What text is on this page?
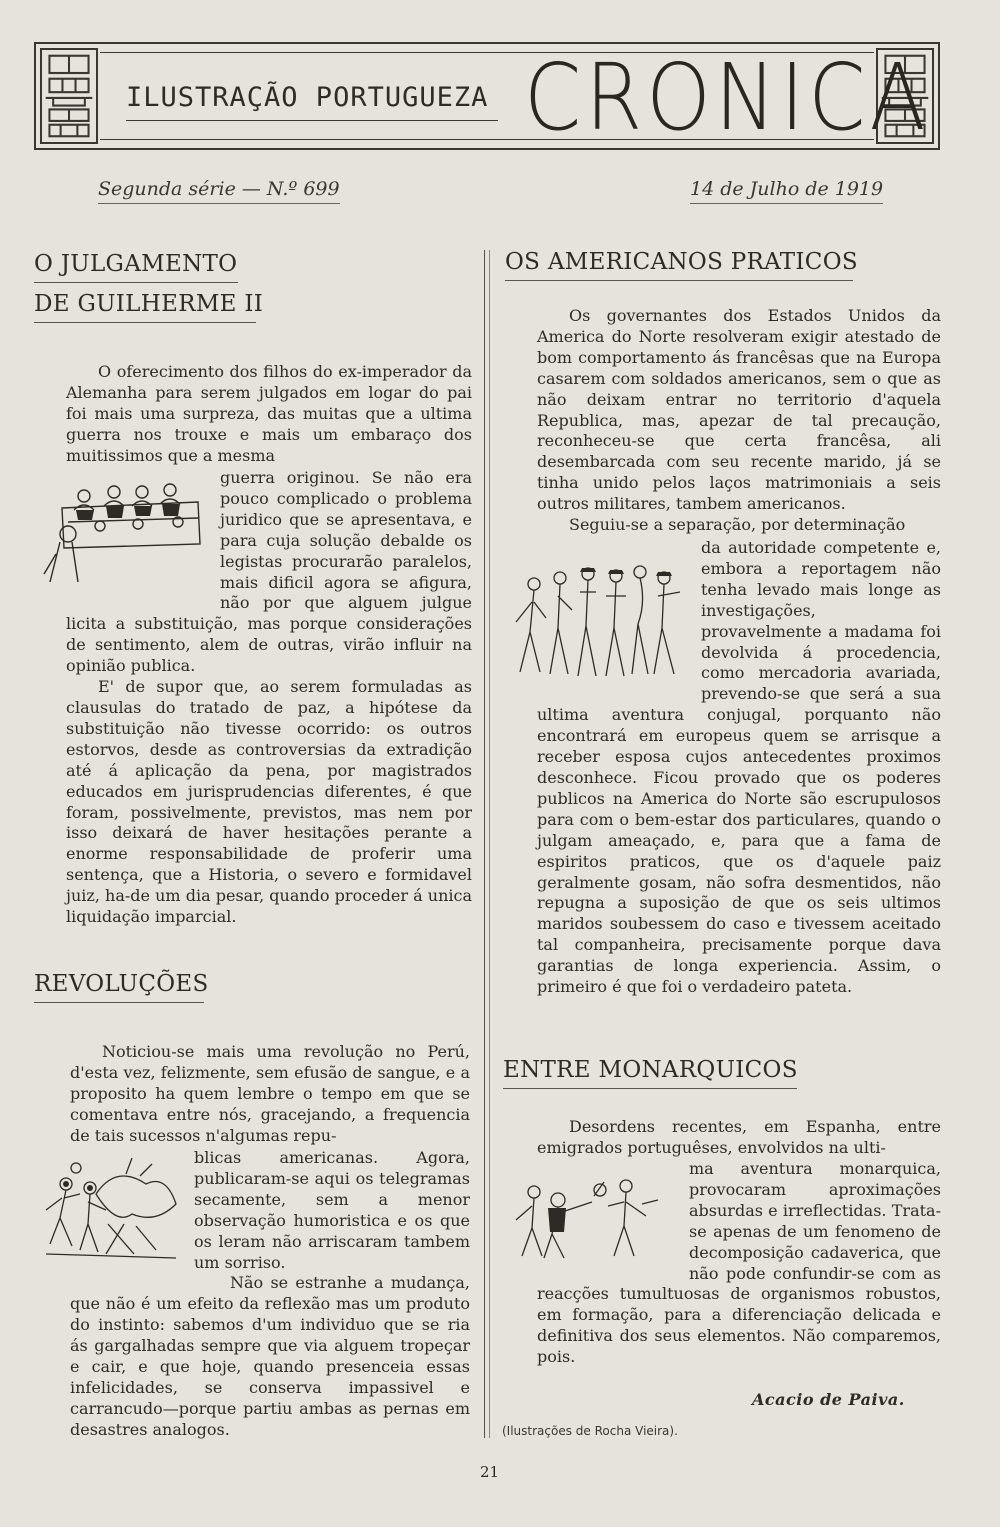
ILUSTRAÇÃO PORTUGUEZA CRONICA
Segunda série — N.º 699	14 de Julho de 1919
O JULGAMENTO
DE GUILHERME II

O oferecimento dos filhos do ex-imperador da Alemanha para serem julgados em logar do pai foi mais uma surpreza, das muitas que a ultima guerra nos trouxe e mais um embaraço dos muitissimos que a mesma

guerra originou. Se não era pouco complicado o problema juridico que se apresentava, e para cuja solução debalde os legistas procurarão paralelos, mais dificil agora se afigura, não por que alguem julgue licita a substituição, mas porque considerações de sentimento, alem de outras, virão influir na opinião publica.

E' de supor que, ao serem formuladas as clausulas do tratado de paz, a hipótese da substituição não tivesse ocorrido: os outros estorvos, desde as controversias da extradição até á aplicação da pena, por magistrados educados em jurisprudencias diferentes, é que foram, possivelmente, previstos, mas nem por isso deixará de haver hesitações perante a enorme responsabilidade de proferir uma sentença, que a Historia, o severo e formidavel juiz, ha-de um dia pesar, quando proceder á unica liquidação imparcial.

REVOLUÇÕES

Noticiou-se mais uma revolução no Perú, d'esta vez, felizmente, sem efusão de sangue, e a proposito ha quem lembre o tempo em que se comentava entre nós, gracejando, a frequencia de tais sucessos n'algumas repu-

blicas americanas. Agora, publicaram-se aqui os telegramas secamente, sem a menor observação humoristica e os que os leram não arriscaram tambem um sorriso.

Não se estranhe a mudança, que não é um efeito da reflexão mas um produto do instinto: sabemos d'um individuo que se ria ás gargalhadas sempre que via alguem tropeçar e cair, e que hoje, quando presenceia essas infelicidades, se conserva impassivel e carrancudo—porque partiu ambas as pernas em desastres analogos.

OS AMERICANOS PRATICOS

Os governantes dos Estados Unidos da America do Norte resolveram exigir atestado de bom comportamento ás francêsas que na Europa casarem com soldados americanos, sem o que as não deixam entrar no territorio d'aquela Republica, mas, apezar de tal precaução, reconheceu-se que certa francêsa, ali desembarcada com seu recente marido, já se tinha unido pelos laços matrimoniais a seis outros militares, tambem americanos.

Seguiu-se a separação, por determinação

da autoridade competente e, embora a reportagem não tenha levado mais longe as investigações, provavelmente a madama foi devolvida á procedencia, como mercadoria avariada, prevendo-se que será a sua ultima aventura conjugal, porquanto não encontrará em europeus quem se arrisque a receber esposa cujos antecedentes proximos desconhece. Ficou provado que os poderes publicos na America do Norte são escrupulosos para com o bem-estar dos particulares, quando o julgam ameaçado, e, para que a fama de espiritos praticos, que os d'aquele paiz geralmente gosam, não sofra desmentidos, não repugna a suposição de que os seis ultimos maridos soubessem do caso e tivessem aceitado tal companheira, precisamente porque dava garantias de longa experiencia. Assim, o primeiro é que foi o verdadeiro pateta.

ENTRE MONARQUICOS

Desordens recentes, em Espanha, entre emigrados portuguêses, envolvidos na ulti-

ma aventura monarquica, provocaram aproximações absurdas e irreflectidas. Trata-se apenas de um fenomeno de decomposição cadaverica, que não pode confundir-se com as reacções tumultuosas de organismos robustos, em formação, para a diferenciação delicada e definitiva dos seus elementos. Não comparemos, pois.

Acacio de Paiva.
(Ilustrações de Rocha Vieira).
21
